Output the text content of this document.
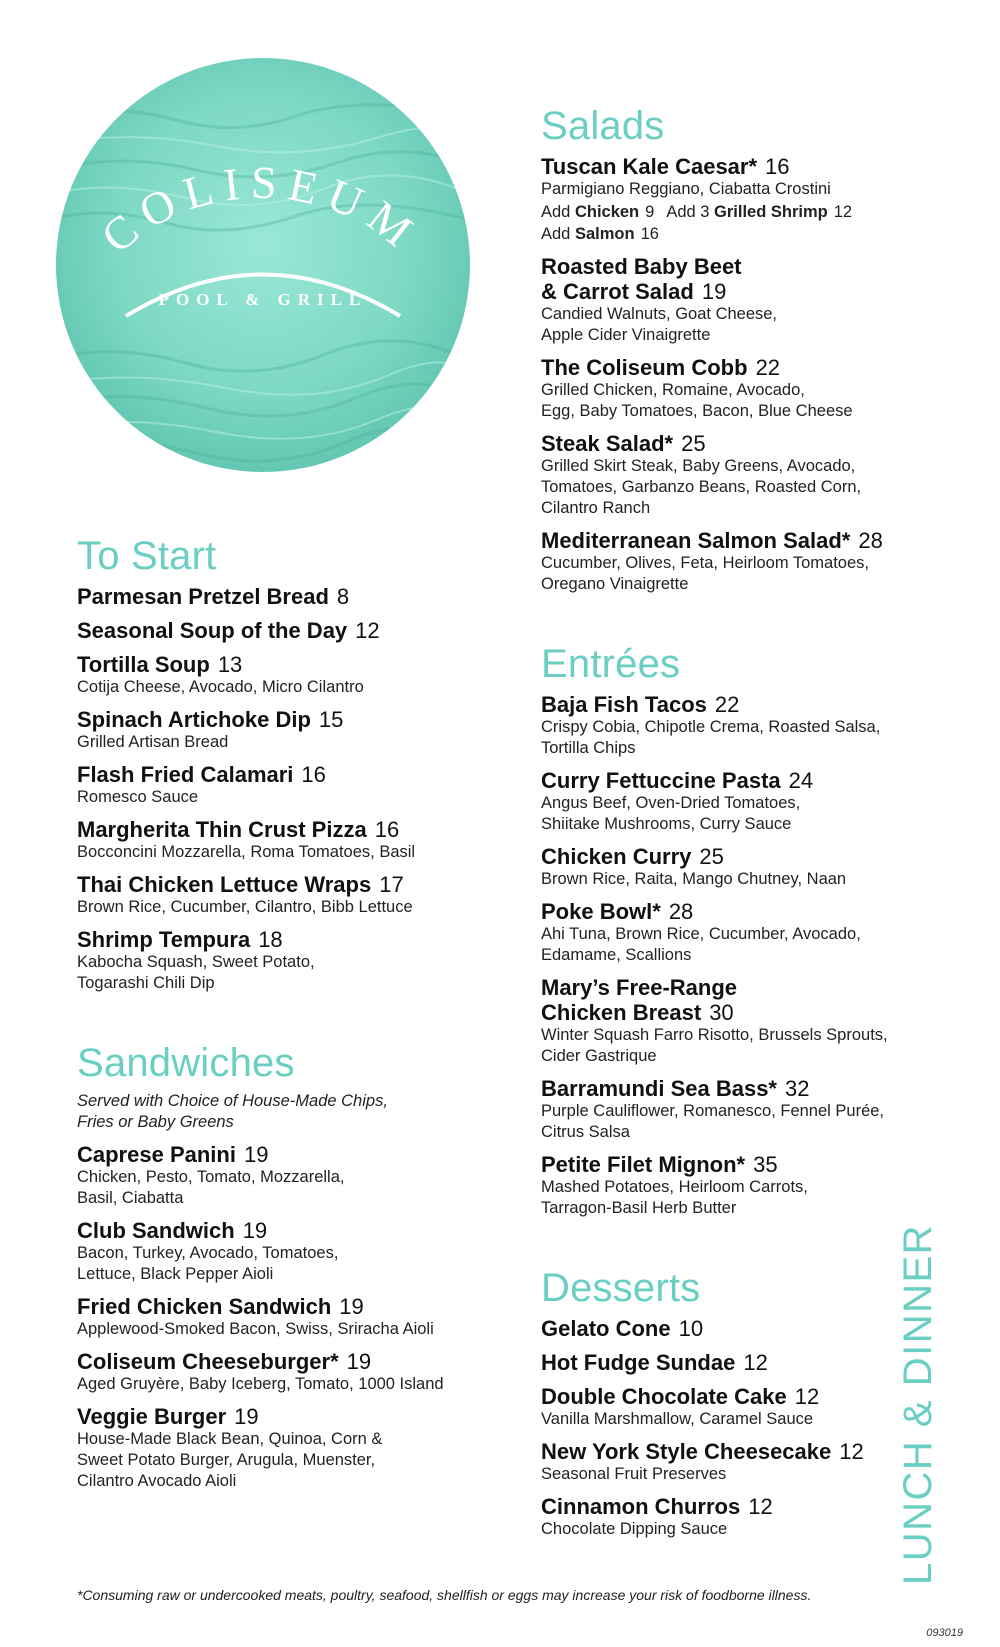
COLISEUM
POOL & GRILL
To Start
Parmesan Pretzel Bread 8
Seasonal Soup of the Day 12
Tortilla Soup 13
Cotija Cheese, Avocado, Micro Cilantro
Spinach Artichoke Dip 15
Grilled Artisan Bread
Flash Fried Calamari 16
Romesco Sauce
Margherita Thin Crust Pizza 16
Bocconcini Mozzarella, Roma Tomatoes, Basil
Thai Chicken Lettuce Wraps 17
Brown Rice, Cucumber, Cilantro, Bibb Lettuce
Shrimp Tempura 18
Kabocha Squash, Sweet Potato,
Togarashi Chili Dip
Sandwiches
Served with Choice of House-Made Chips,
Fries or Baby Greens
Caprese Panini 19
Chicken, Pesto, Tomato, Mozzarella,
Basil, Ciabatta
Club Sandwich 19
Bacon, Turkey, Avocado, Tomatoes,
Lettuce, Black Pepper Aioli
Fried Chicken Sandwich 19
Applewood-Smoked Bacon, Swiss, Sriracha Aioli
Coliseum Cheeseburger* 19
Aged Gruyère, Baby Iceberg, Tomato, 1000 Island
Veggie Burger 19
House-Made Black Bean, Quinoa, Corn &
Sweet Potato Burger, Arugula, Muenster,
Cilantro Avocado Aioli
Salads
Tuscan Kale Caesar* 16
Parmigiano Reggiano, Ciabatta Crostini
Add Chicken 9 Add 3 Grilled Shrimp 12
Add Salmon 16
Roasted Baby Beet
& Carrot Salad 19
Candied Walnuts, Goat Cheese,
Apple Cider Vinaigrette
The Coliseum Cobb 22
Grilled Chicken, Romaine, Avocado,
Egg, Baby Tomatoes, Bacon, Blue Cheese
Steak Salad* 25
Grilled Skirt Steak, Baby Greens, Avocado,
Tomatoes, Garbanzo Beans, Roasted Corn,
Cilantro Ranch
Mediterranean Salmon Salad* 28
Cucumber, Olives, Feta, Heirloom Tomatoes,
Oregano Vinaigrette
Entrées
Baja Fish Tacos 22
Crispy Cobia, Chipotle Crema, Roasted Salsa,
Tortilla Chips
Curry Fettuccine Pasta 24
Angus Beef, Oven-Dried Tomatoes,
Shiitake Mushrooms, Curry Sauce
Chicken Curry 25
Brown Rice, Raita, Mango Chutney, Naan
Poke Bowl* 28
Ahi Tuna, Brown Rice, Cucumber, Avocado,
Edamame, Scallions
Mary’s Free-Range
Chicken Breast 30
Winter Squash Farro Risotto, Brussels Sprouts,
Cider Gastrique
Barramundi Sea Bass* 32
Purple Cauliflower, Romanesco, Fennel Purée,
Citrus Salsa
Petite Filet Mignon* 35
Mashed Potatoes, Heirloom Carrots,
Tarragon-Basil Herb Butter
Desserts
Gelato Cone 10
Hot Fudge Sundae 12
Double Chocolate Cake 12
Vanilla Marshmallow, Caramel Sauce
New York Style Cheesecake 12
Seasonal Fruit Preserves
Cinnamon Churros 12
Chocolate Dipping Sauce	LUNCH & DINNER
*Consuming raw or undercooked meats, poultry, seafood, shellfish or eggs may increase your risk of foodborne illness.
093019
